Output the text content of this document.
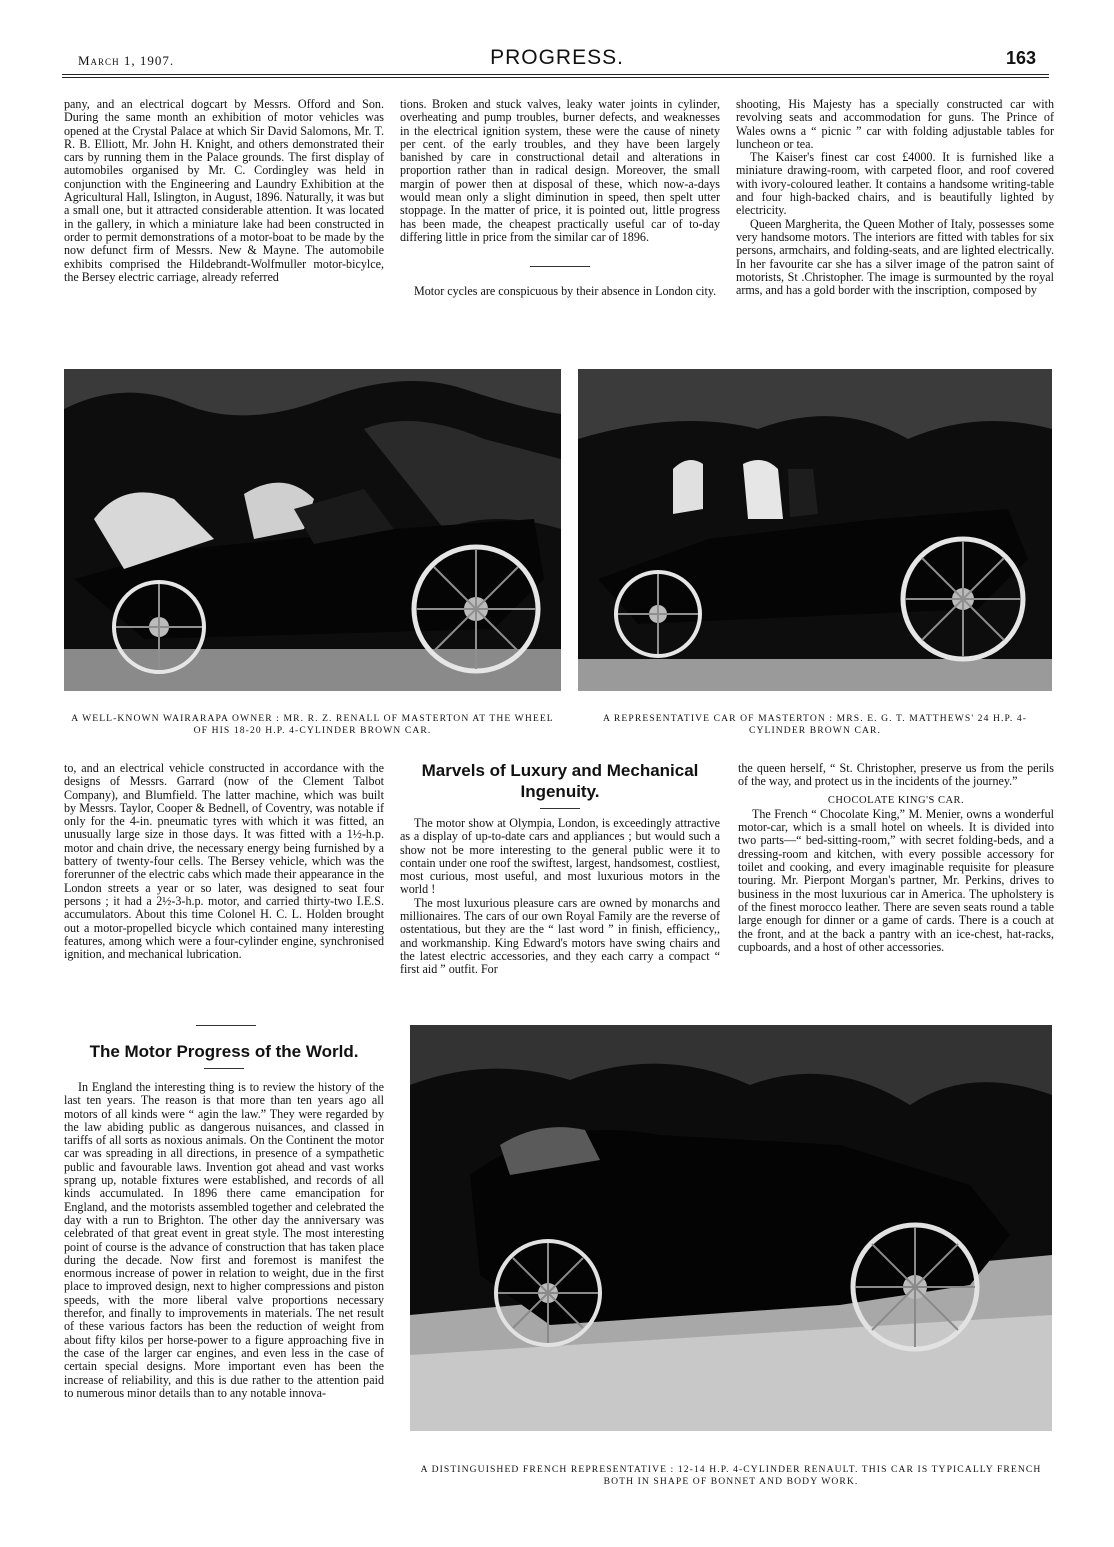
March 1, 1907.	PROGRESS.	163

pany, and an electrical dogcart by Messrs. Offord and Son. During the same month an exhibition of motor vehicles was opened at the Crystal Palace at which Sir David Salomons, Mr. T. R. B. Elliott, Mr. John H. Knight, and others demonstrated their cars by running them in the Palace grounds. The first display of automobiles organised by Mr. C. Cordingley was held in conjunction with the Engineering and Laundry Exhibition at the Agricultural Hall, Islington, in August, 1896. Naturally, it was but a small one, but it attracted considerable attention. It was located in the gallery, in which a miniature lake had been constructed in order to permit demonstrations of a motor-boat to be made by the now defunct firm of Messrs. New & Mayne. The automobile exhibits comprised the Hildebrandt-Wolfmuller motor-bicylce, the Bersey electric carriage, already referred

tions. Broken and stuck valves, leaky water joints in cylinder, overheating and pump troubles, burner defects, and weaknesses in the electrical ignition system, these were the cause of ninety per cent. of the early troubles, and they have been largely banished by care in constructional detail and alterations in proportion rather than in radical design. Moreover, the small margin of power then at disposal of these, which now-a-days would mean only a slight diminution in speed, then spelt utter stoppage. In the matter of price, it is pointed out, little progress has been made, the cheapest practically useful car of to-day differing little in price from the similar car of 1896.

Motor cycles are conspicuous by their absence in London city.

shooting, His Majesty has a specially constructed car with revolving seats and accommodation for guns. The Prince of Wales owns a “ picnic ” car with folding adjustable tables for luncheon or tea.

The Kaiser's finest car cost £4000. It is furnished like a miniature drawing-room, with carpeted floor, and roof covered with ivory-coloured leather. It contains a handsome writing-table and four high-backed chairs, and is beautifully lighted by electricity.

Queen Margherita, the Queen Mother of Italy, possesses some very handsome motors. The interiors are fitted with tables for six persons, armchairs, and folding-seats, and are lighted electrically. In her favourite car she has a silver image of the patron saint of motorists, St .Christopher. The image is surmounted by the royal arms, and has a gold border with the inscription, composed by

A WELL-KNOWN WAIRARAPA OWNER : MR. R. Z. RENALL OF MASTERTON AT THE WHEEL OF HIS 18-20 H.P. 4-CYLINDER BROWN CAR.
A REPRESENTATIVE CAR OF MASTERTON : MRS. E. G. T. MATTHEWS' 24 H.P. 4-CYLINDER BROWN CAR.

to, and an electrical vehicle constructed in accordance with the designs of Messrs. Garrard (now of the Clement Talbot Company), and Blumfield. The latter machine, which was built by Messrs. Taylor, Cooper & Bednell, of Coventry, was notable if only for the 4-in. pneumatic tyres with which it was fitted, an unusually large size in those days. It was fitted with a 1½-h.p. motor and chain drive, the necessary energy being furnished by a battery of twenty-four cells. The Bersey vehicle, which was the forerunner of the electric cabs which made their appearance in the London streets a year or so later, was designed to seat four persons ; it had a 2½-3-h.p. motor, and carried thirty-two I.E.S. accumulators. About this time Colonel H. C. L. Holden brought out a motor-propelled bicycle which contained many interesting features, among which were a four-cylinder engine, synchronised ignition, and mechanical lubrication.

Marvels of Luxury and Mechanical Ingenuity.

The motor show at Olympia, London, is exceedingly attractive as a display of up-to-date cars and appliances ; but would such a show not be more interesting to the general public were it to contain under one roof the swiftest, largest, handsomest, costliest, most curious, most useful, and most luxurious motors in the world !

The most luxurious pleasure cars are owned by monarchs and millionaires. The cars of our own Royal Family are the reverse of ostentatious, but they are the “ last word ” in finish, efficiency,, and workmanship. King Edward's motors have swing chairs and the latest electric accessories, and they each carry a compact “ first aid ” outfit. For

the queen herself, “ St. Christopher, preserve us from the perils of the way, and protect us in the incidents of the journey.”

CHOCOLATE KING'S CAR.

The French “ Chocolate King,” M. Menier, owns a wonderful motor-car, which is a small hotel on wheels. It is divided into two parts—“ bed-sitting-room,” with secret folding-beds, and a dressing-room and kitchen, with every possible accessory for toilet and cooking, and every imaginable requisite for pleasure touring. Mr. Pierpont Morgan's partner, Mr. Perkins, drives to business in the most luxurious car in America. The upholstery is of the finest morocco leather. There are seven seats round a table large enough for dinner or a game of cards. There is a couch at the front, and at the back a pantry with an ice-chest, hat-racks, cupboards, and a host of other accessories.

The Motor Progress of the World.

In England the interesting thing is to review the history of the last ten years. The reason is that more than ten years ago all motors of all kinds were “ agin the law.” They were regarded by the law abiding public as dangerous nuisances, and classed in tariffs of all sorts as noxious animals. On the Continent the motor car was spreading in all directions, in presence of a sympathetic public and favourable laws. Invention got ahead and vast works sprang up, notable fixtures were established, and records of all kinds accumulated. In 1896 there came emancipation for England, and the motorists assembled together and celebrated the day with a run to Brighton. The other day the anniversary was celebrated of that great event in great style. The most interesting point of course is the advance of construction that has taken place during the decade. Now first and foremost is manifest the enormous increase of power in relation to weight, due in the first place to improved design, next to higher compressions and piston speeds, with the more liberal valve proportions necessary therefor, and finally to improvements in materials. The net result of these various factors has been the reduction of weight from about fifty kilos per horse-power to a figure approaching five in the case of the larger car engines, and even less in the case of certain special designs. More important even has been the increase of reliability, and this is due rather to the attention paid to numerous minor details than to any notable innova-

A DISTINGUISHED FRENCH REPRESENTATIVE : 12-14 H.P. 4-CYLINDER RENAULT. THIS CAR IS TYPICALLY FRENCH BOTH IN SHAPE OF BONNET AND BODY WORK.
